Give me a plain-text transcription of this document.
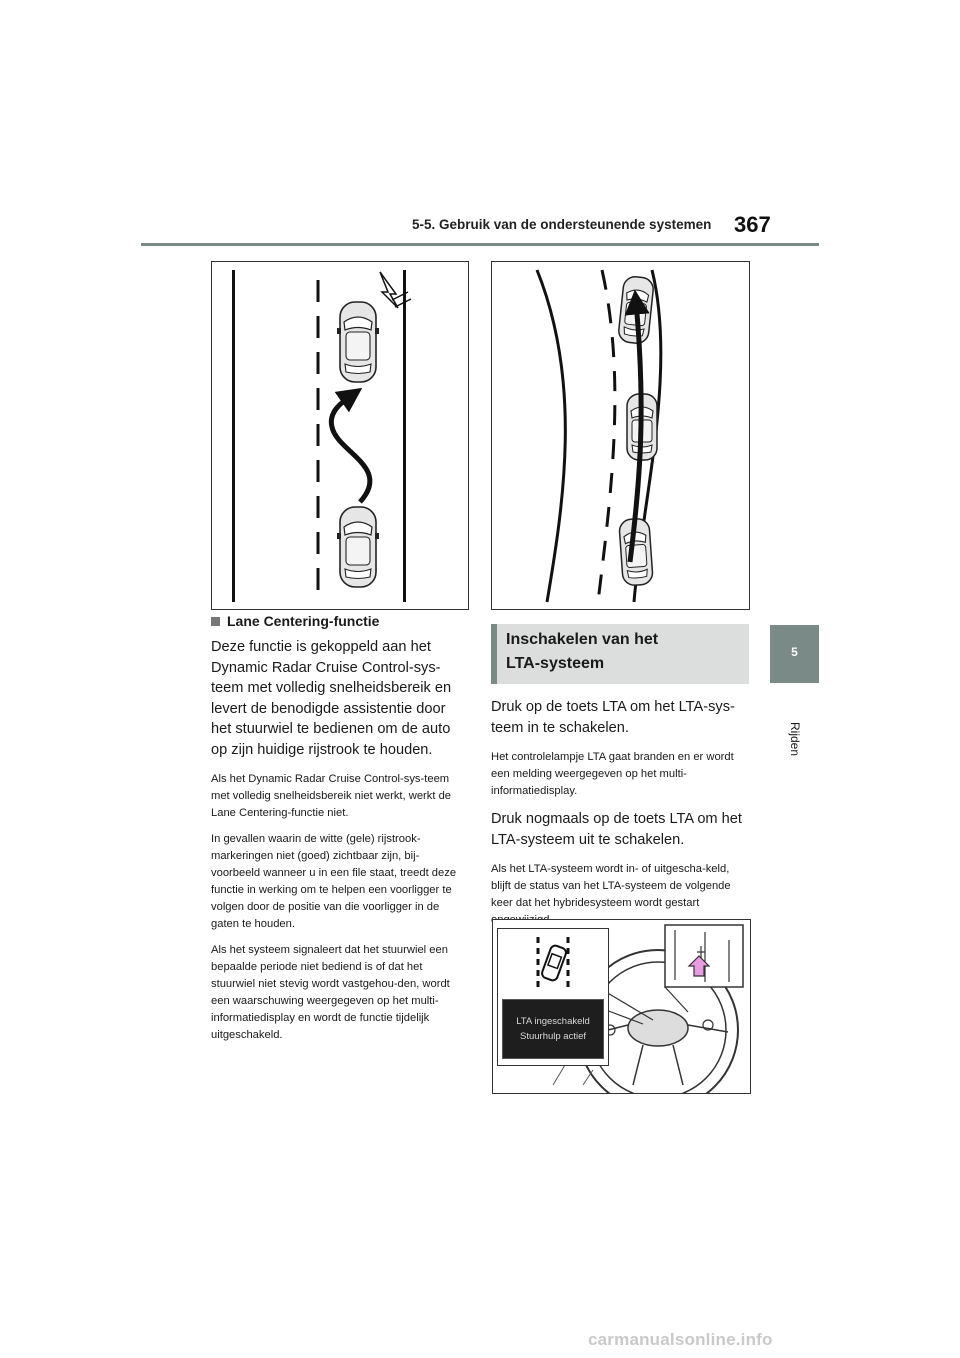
5-5. Gebruik van de ondersteunende systemen 367
5
Rijden
Lane Centering-functie

Deze functie is gekoppeld aan het Dynamic Radar Cruise Control-sys-teem met volledig snelheidsbereik en levert de benodigde assistentie door het stuurwiel te bedienen om de auto op zijn huidige rijstrook te houden.

Als het Dynamic Radar Cruise Control-sys-teem met volledig snelheidsbereik niet werkt, werkt de Lane Centering-functie niet.

In gevallen waarin de witte (gele) rijstrook-markeringen niet (goed) zichtbaar zijn, bij-voorbeeld wanneer u in een file staat, treedt deze functie in werking om te helpen een voorligger te volgen door de positie van die voorligger in de gaten te houden.

Als het systeem signaleert dat het stuurwiel een bepaalde periode niet bediend is of dat het stuurwiel niet stevig wordt vastgehou-den, wordt een waarschuwing weergegeven op het multi-informatiedisplay en wordt de functie tijdelijk uitgeschakeld.

Inschakelen van het
LTA-systeem

Druk op de toets LTA om het LTA-sys-teem in te schakelen.

Het controlelampje LTA gaat branden en er wordt een melding weergegeven op het multi-informatiedisplay.

Druk nogmaals op de toets LTA om het LTA-systeem uit te schakelen.

Als het LTA-systeem wordt in- of uitgescha-keld, blijft de status van het LTA-systeem de volgende keer dat het hybridesysteem wordt gestart

LTA ingeschakeld
Stuurhulp actief
carmanualsonline.info
